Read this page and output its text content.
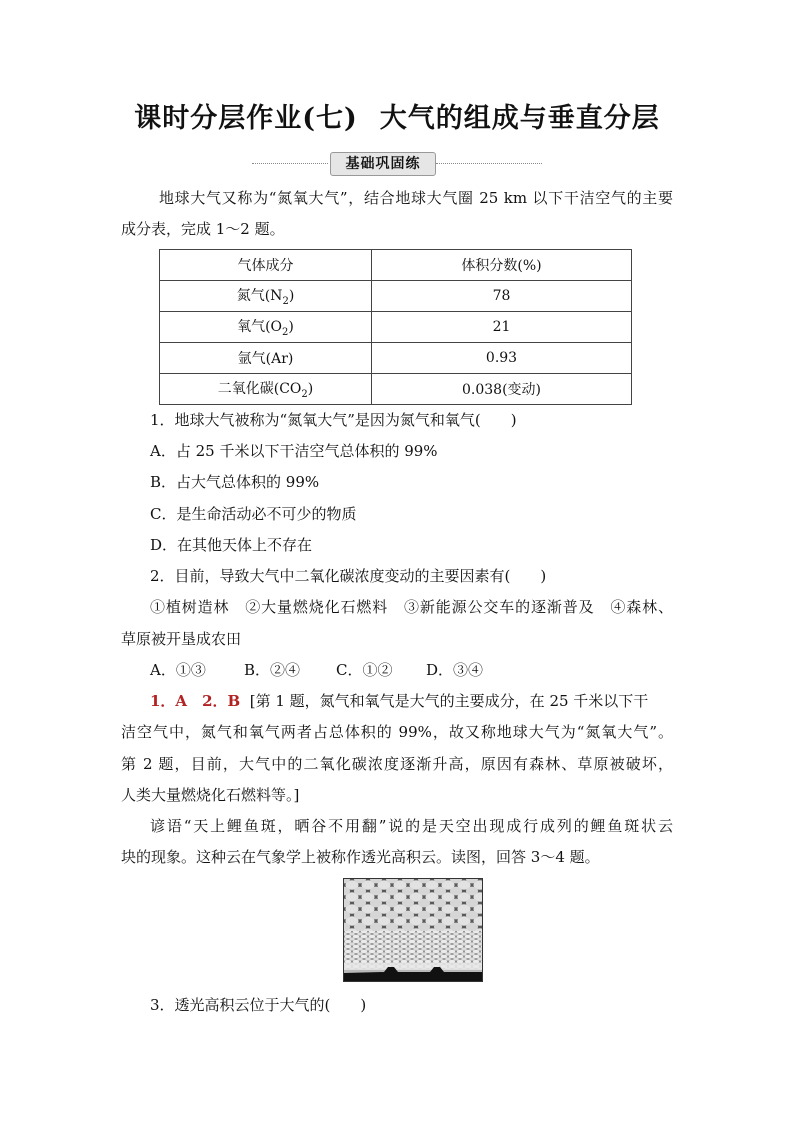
课时分层作业(七) 大气的组成与垂直分层
基础巩固练
地球大气又称为“氮氧大气”，结合地球大气圈 25 km 以下干洁空气的主要
成分表，完成 1～2 题。
气体成分	体积分数(%)
氮气$(N_2)$	78
氧气$(O_2)$	21
氩气(Ar)	0.93
二氧化碳$(CO_2)$	0.038(变动)
1．地球大气被称为“氮氧大气”是因为氮气和氧气(　　)
A．占 25 千米以下干洁空气总体积的 99%
B．占大气总体积的 99%
C．是生命活动必不可少的物质
D．在其他天体上不存在
2．目前，导致大气中二氧化碳浓度变动的主要因素有(　　)
①植树造林　②大量燃烧化石燃料　③新能源公交车的逐渐普及　④森林、
草原被开垦成农田
A．①③	B．②④ C．①② D．③④
1．A　2．B [第 1 题，氮气和氧气是大气的主要成分，在 25 千米以下干
洁空气中，氮气和氧气两者占总体积的 99%，故又称地球大气为“氮氧大气”。
第 2 题，目前，大气中的二氧化碳浓度逐渐升高，原因有森林、草原被破坏，
人类大量燃烧化石燃料等。]
谚语“天上鲤鱼斑，晒谷不用翻”说的是天空出现成行成列的鲤鱼斑状云
块的现象。这种云在气象学上被称作透光高积云。读图，回答 3～4 题。
3．透光高积云位于大气的(　　)
